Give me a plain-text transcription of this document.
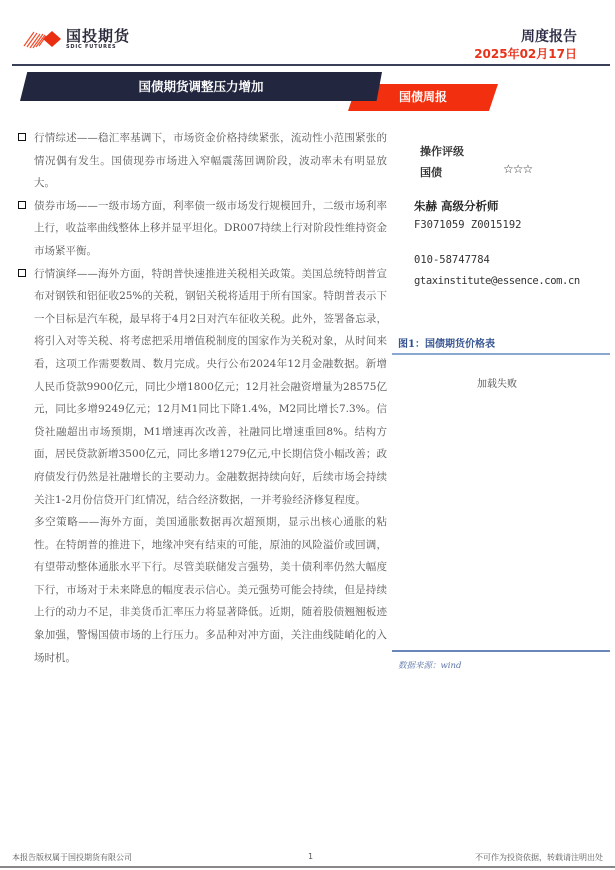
国投期货
SDIC FUTURES
周度报告
2025年02月17日
国债周报
国债期货调整压力增加
行情综述——稳汇率基调下，市场资金价格持续紧张，流动性小范围紧张的情况偶有发生。国债现券市场进入窄幅震荡回调阶段，波动率未有明显放大。
债券市场——一级市场方面，利率债一级市场发行规模回升，二级市场利率上行，收益率曲线整体上移并显平坦化。DR007持续上行对阶段性维持资金市场紧平衡。
行情演绎——海外方面，特朗普快速推进关税相关政策。美国总统特朗普宣布对钢铁和铝征收25%的关税，钢铝关税将适用于所有国家。特朗普表示下一个目标是汽车税，最早将于4月2日对汽车征收关税。此外，签署备忘录，将引入对等关税、将考虑把采用增值税制度的国家作为关税对象，从时间来看，这项工作需要数周、数月完成。央行公布2024年12月金融数据。新增人民币贷款9900亿元，同比少增1800亿元；12月社会融资增量为28575亿元，同比多增9249亿元；12月M1同比下降1.4%，M2同比增长7.3%。信贷社融超出市场预期，M1增速再次改善，社融同比增速重回8%。结构方面，居民贷款新增3500亿元，同比多增1279亿元,中长期信贷小幅改善；政府债发行仍然是社融增长的主要动力。金融数据持续向好，后续市场会持续关注1-2月份信贷开门红情况，结合经济数据，一并考验经济修复程度。
多空策略——海外方面，美国通胀数据再次超预期，显示出核心通胀的粘性。在特朗普的推进下，地缘冲突有结束的可能，原油的风险溢价或回调，有望带动整体通胀水平下行。尽管美联储发言强势，美十债利率仍然大幅度下行，市场对于未来降息的幅度表示信心。美元强势可能会持续，但是持续上行的动力不足，非美货币汇率压力将显著降低。近期，随着股债翘翘板迹象加强，警惕国债市场的上行压力。多品种对冲方面，关注曲线陡峭化的入场时机。
操作评级
国债	☆☆☆
朱赫 高级分析师
F3071059 Z0015192
010-58747784
gtaxinstitute@essence.com.cn
图1：国债期货价格表
加载失败
数据来源：wind
本报告版权属于国投期货有限公司	1	不可作为投资依据，转载请注明出处
